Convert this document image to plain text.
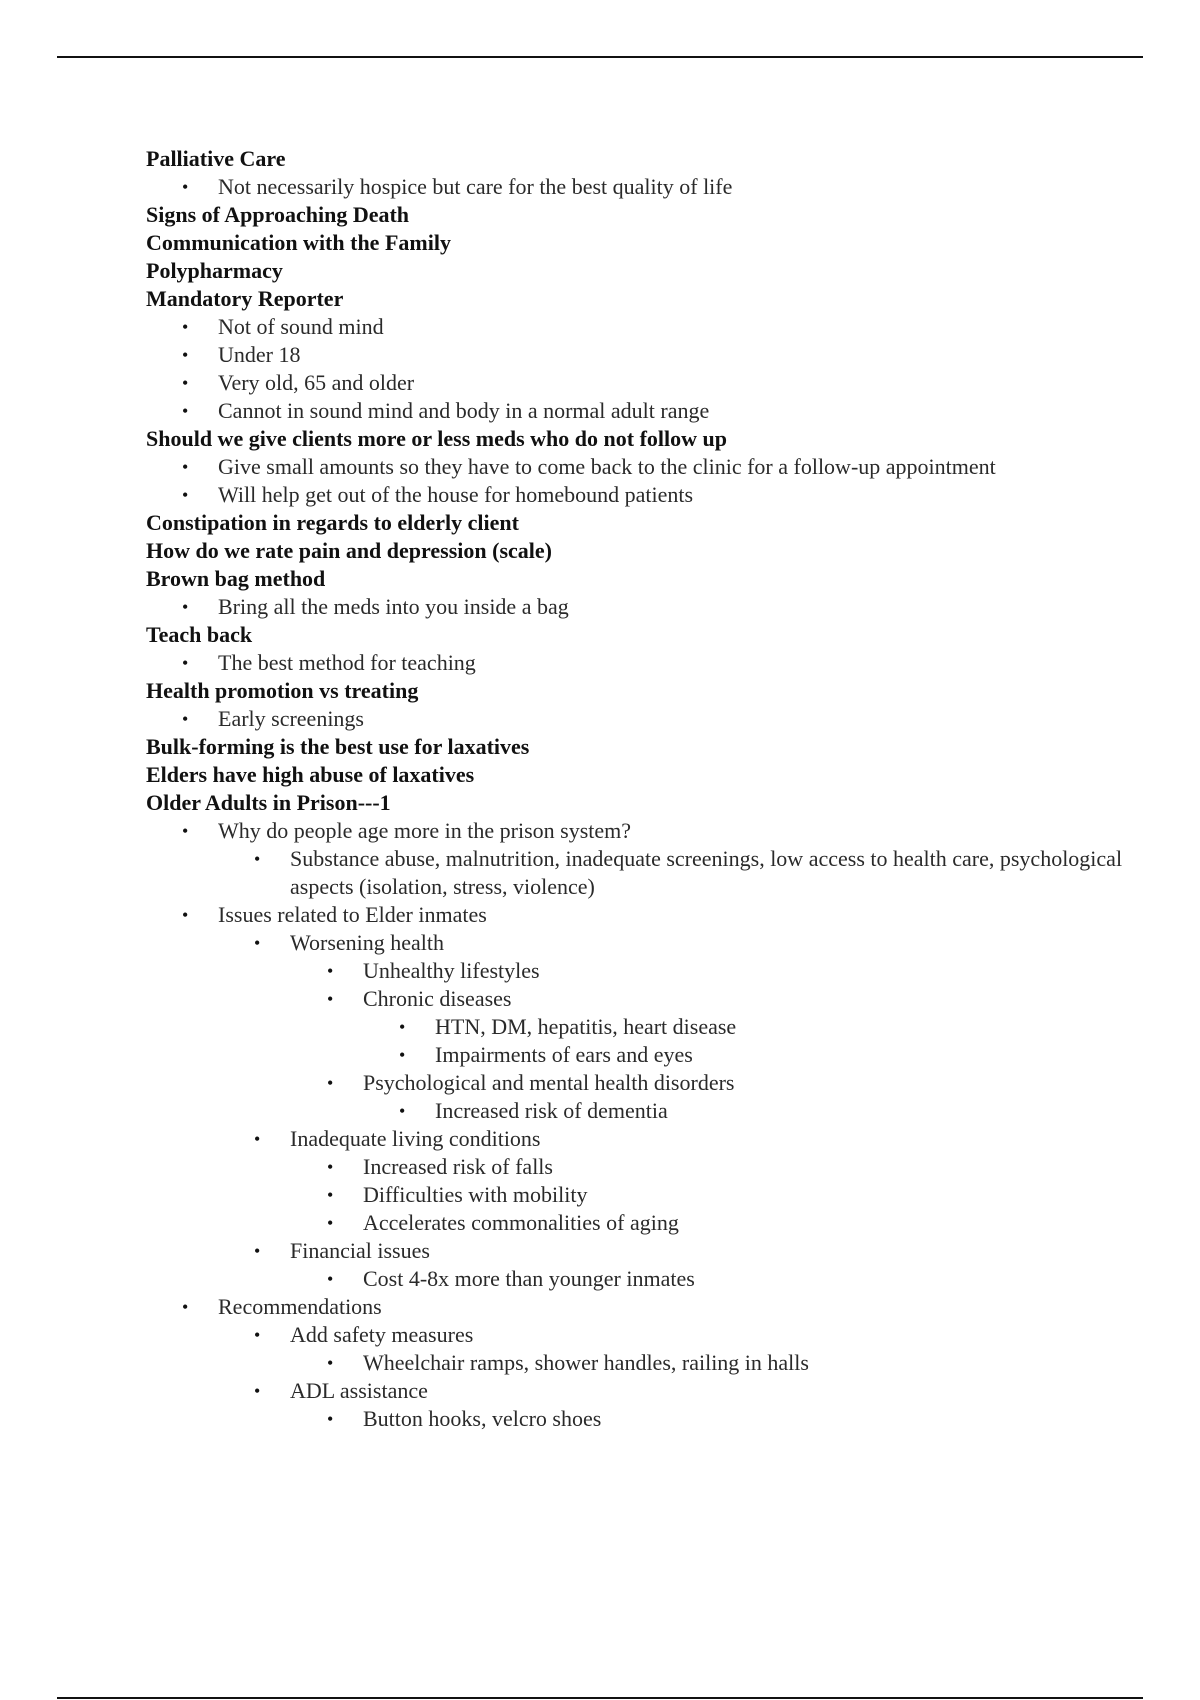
Palliative Care
• Not necessarily hospice but care for the best quality of life
Signs of Approaching Death
Communication with the Family
Polypharmacy
Mandatory Reporter
• Not of sound mind
• Under 18
• Very old, 65 and older
• Cannot in sound mind and body in a normal adult range
Should we give clients more or less meds who do not follow up
• Give small amounts so they have to come back to the clinic for a follow-up appointment
• Will help get out of the house for homebound patients
Constipation in regards to elderly client
How do we rate pain and depression (scale)
Brown bag method
• Bring all the meds into you inside a bag
Teach back
• The best method for teaching
Health promotion vs treating
• Early screenings
Bulk-forming is the best use for laxatives
Elders have high abuse of laxatives
Older Adults in Prison---1
• Why do people age more in the prison system?
• Substance abuse, malnutrition, inadequate screenings, low access to health care, psychological aspects (isolation, stress, violence)
• Issues related to Elder inmates
• Worsening health
• Unhealthy lifestyles
• Chronic diseases
• HTN, DM, hepatitis, heart disease
• Impairments of ears and eyes
• Psychological and mental health disorders
• Increased risk of dementia
• Inadequate living conditions
• Increased risk of falls
• Difficulties with mobility
• Accelerates commonalities of aging
• Financial issues
• Cost 4-8x more than younger inmates
• Recommendations
• Add safety measures
• Wheelchair ramps, shower handles, railing in halls
• ADL assistance
• Button hooks, velcro shoes
